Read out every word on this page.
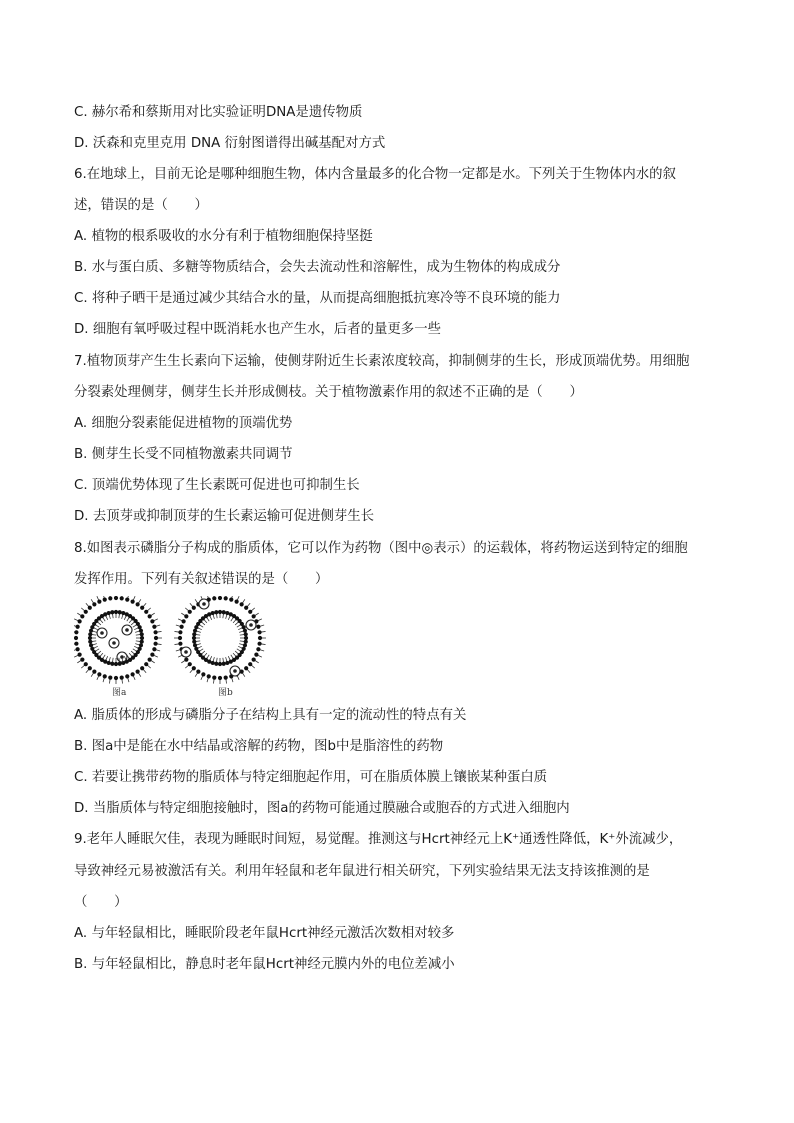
C. 赫尔希和蔡斯用对比实验证明DNA是遗传物质

D. 沃森和克里克用 DNA 衍射图谱得出碱基配对方式

6.在地球上，目前无论是哪种细胞生物，体内含量最多的化合物一定都是水。下列关于生物体内水的叙

述，错误的是（　　）

A. 植物的根系吸收的水分有利于植物细胞保持坚挺

B. 水与蛋白质、多糖等物质结合，会失去流动性和溶解性，成为生物体的构成成分

C. 将种子晒干是通过减少其结合水的量，从而提高细胞抵抗寒冷等不良环境的能力

D. 细胞有氧呼吸过程中既消耗水也产生水，后者的量更多一些

7.植物顶芽产生生长素向下运输，使侧芽附近生长素浓度较高，抑制侧芽的生长，形成顶端优势。用细胞

分裂素处理侧芽，侧芽生长并形成侧枝。关于植物激素作用的叙述不正确的是（　　）

A. 细胞分裂素能促进植物的顶端优势

B. 侧芽生长受不同植物激素共同调节

C. 顶端优势体现了生长素既可促进也可抑制生长

D. 去顶芽或抑制顶芽的生长素运输可促进侧芽生长

8.如图表示磷脂分子构成的脂质体，它可以作为药物（图中◎表示）的运载体，将药物运送到特定的细胞

发挥作用。下列有关叙述错误的是（　　）

图a	图b

A. 脂质体的形成与磷脂分子在结构上具有一定的流动性的特点有关

B. 图a中是能在水中结晶或溶解的药物，图b中是脂溶性的药物

C. 若要让携带药物的脂质体与特定细胞起作用，可在脂质体膜上镶嵌某种蛋白质

D. 当脂质体与特定细胞接触时，图a的药物可能通过膜融合或胞吞的方式进入细胞内

9.老年人睡眠欠佳，表现为睡眠时间短，易觉醒。推测这与Hcrt神经元上K⁺通透性降低，K⁺外流减少，

导致神经元易被激活有关。利用年轻鼠和老年鼠进行相关研究，下列实验结果无法支持该推测的是

（　　）

A. 与年轻鼠相比，睡眠阶段老年鼠Hcrt神经元激活次数相对较多

B. 与年轻鼠相比，静息时老年鼠Hcrt神经元膜内外的电位差减小
